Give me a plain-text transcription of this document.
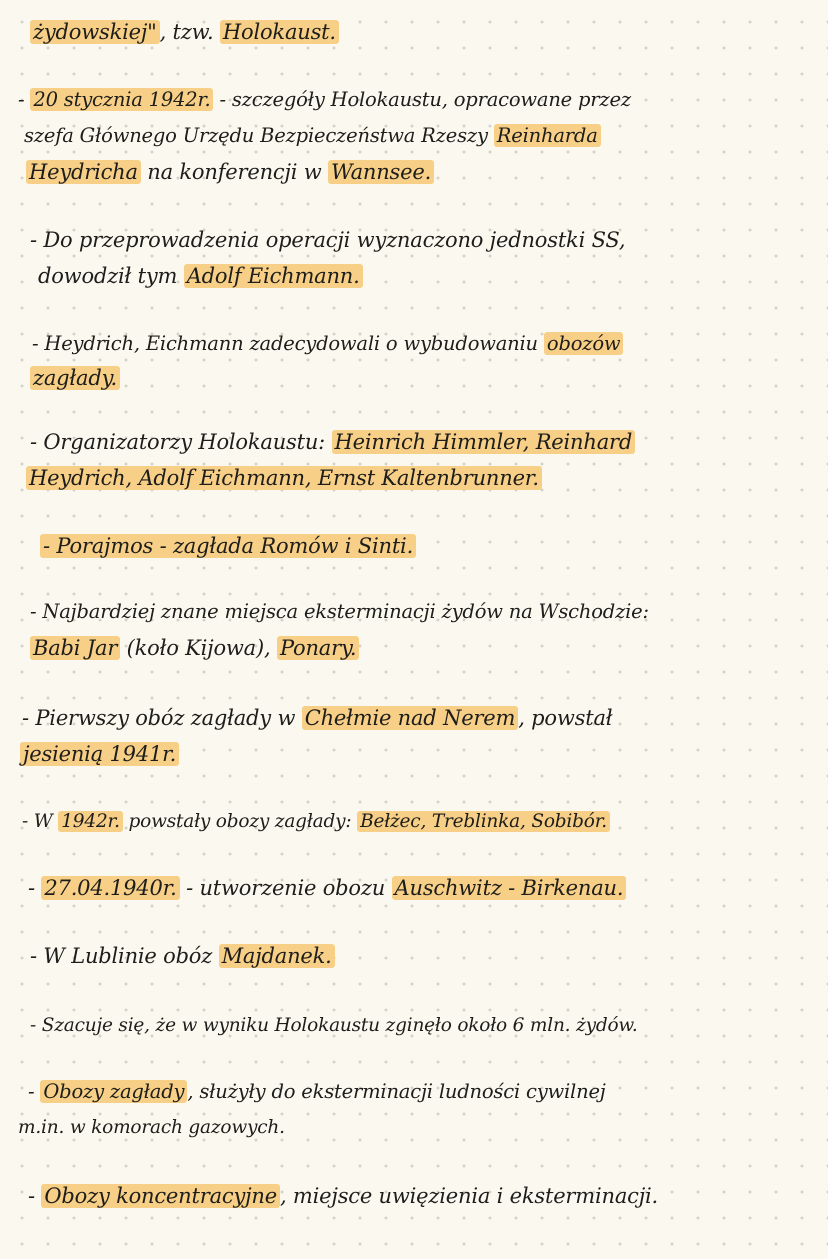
żydowskiej" , tzw. Holokaust.
- 20 stycznia 1942r. - szczegóły Holokaustu, opracowane przez
szefa Głównego Urzędu Bezpieczeństwa Rzeszy Reinharda
Heydricha na konferencji w Wannsee.
- Do przeprowadzenia operacji wyznaczono jednostki SS,
dowodził tym Adolf Eichmann.
- Heydrich, Eichmann zadecydowali o wybudowaniu obozów
zagłady.
- Organizatorzy Holokaustu: Heinrich Himmler, Reinhard
Heydrich, Adolf Eichmann, Ernst Kaltenbrunner.
- Porajmos - zagłada Romów i Sinti.
- Najbardziej znane miejsca eksterminacji żydów na Wschodzie:
Babi Jar (koło Kijowa), Ponary.
- Pierwszy obóz zagłady w Chełmie nad Nerem , powstał
jesienią 1941r.
- W 1942r. powstały obozy zagłady: Bełżec, Treblinka, Sobibór.
- 27.04.1940r. - utworzenie obozu Auschwitz - Birkenau.
- W Lublinie obóz Majdanek.
- Szacuje się, że w wyniku Holokaustu zginęło około 6 mln. żydów.
- Obozy zagłady , służyły do eksterminacji ludności cywilnej
m.in. w komorach gazowych.
- Obozy koncentracyjne , miejsce uwięzienia i eksterminacji.
